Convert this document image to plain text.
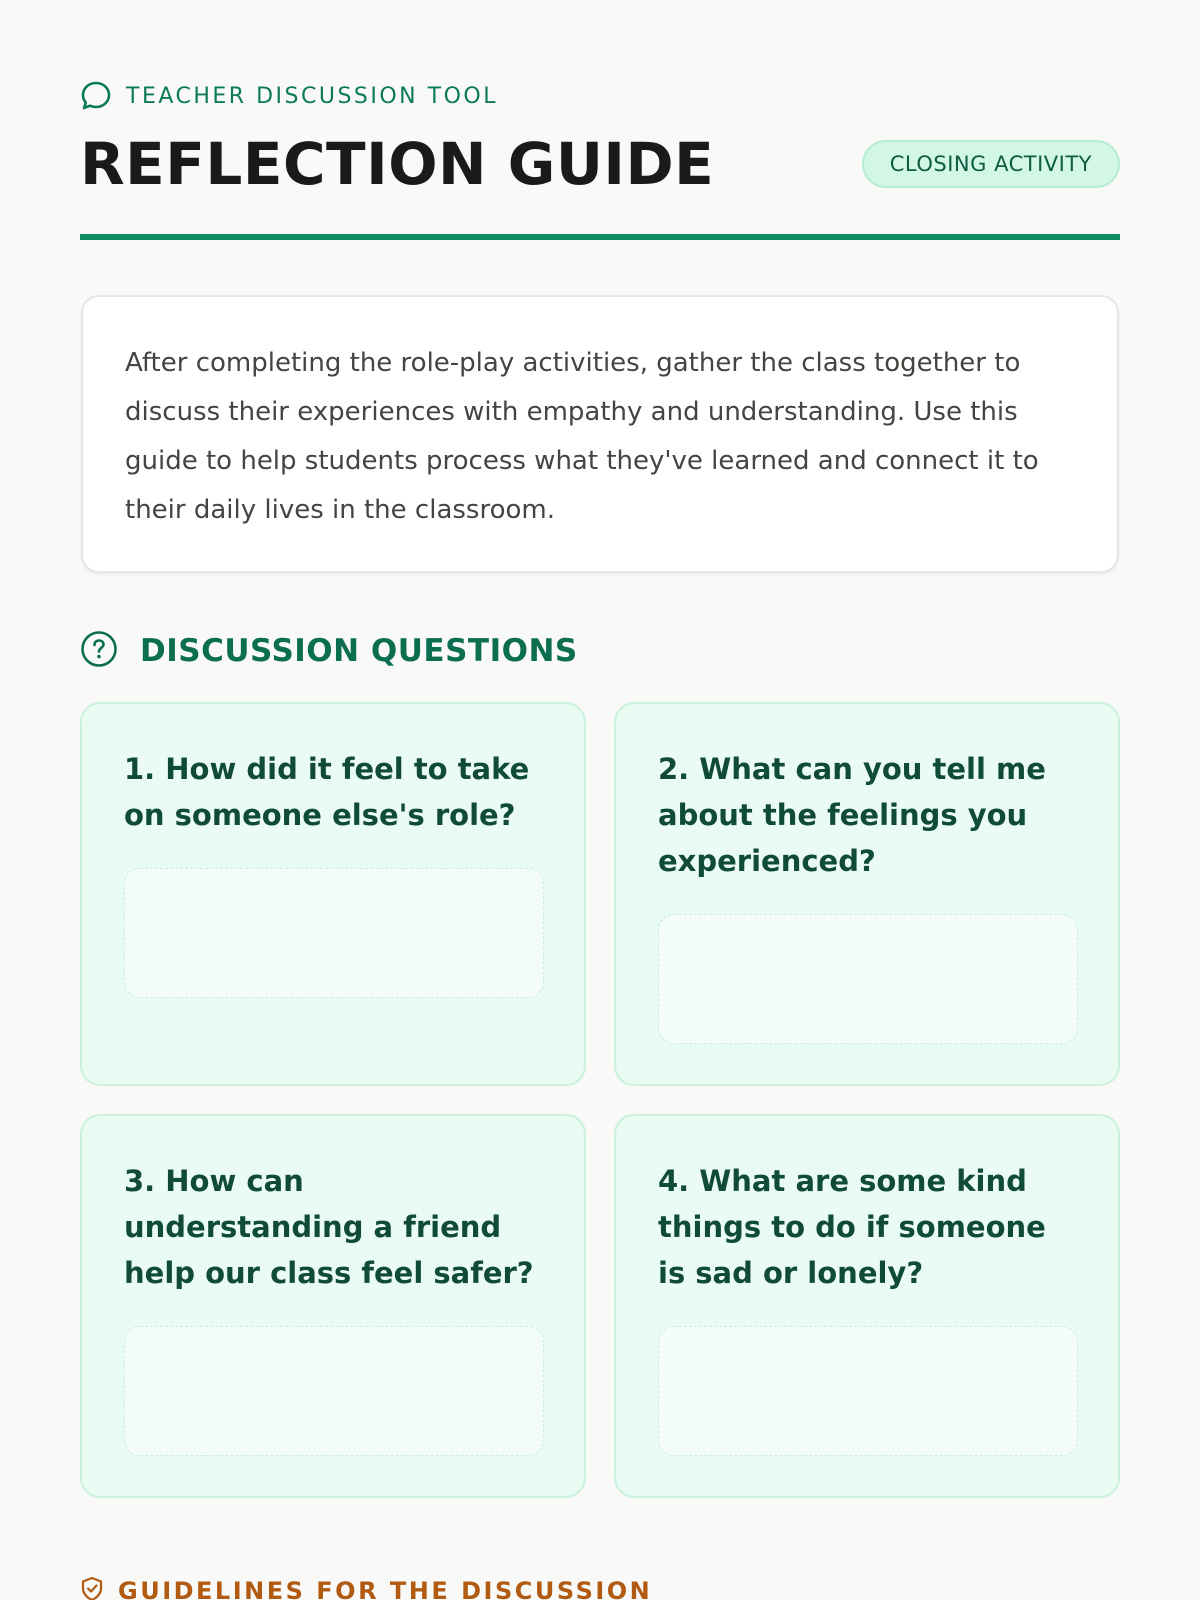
TEACHER DISCUSSION TOOL
REFLECTION GUIDE	CLOSING ACTIVITY

After completing the role-play activities, gather the class together to discuss their experiences with empathy and understanding. Use this guide to help students process what they've learned and connect it to their daily lives in the classroom.

DISCUSSION QUESTIONS

1. How did it feel to take on someone else's role?

2. What can you tell me about the feelings you experienced?

3. How can understanding a friend help our class feel safer?

4. What are some kind things to do if someone is sad or lonely?

GUIDELINES FOR THE DISCUSSION
